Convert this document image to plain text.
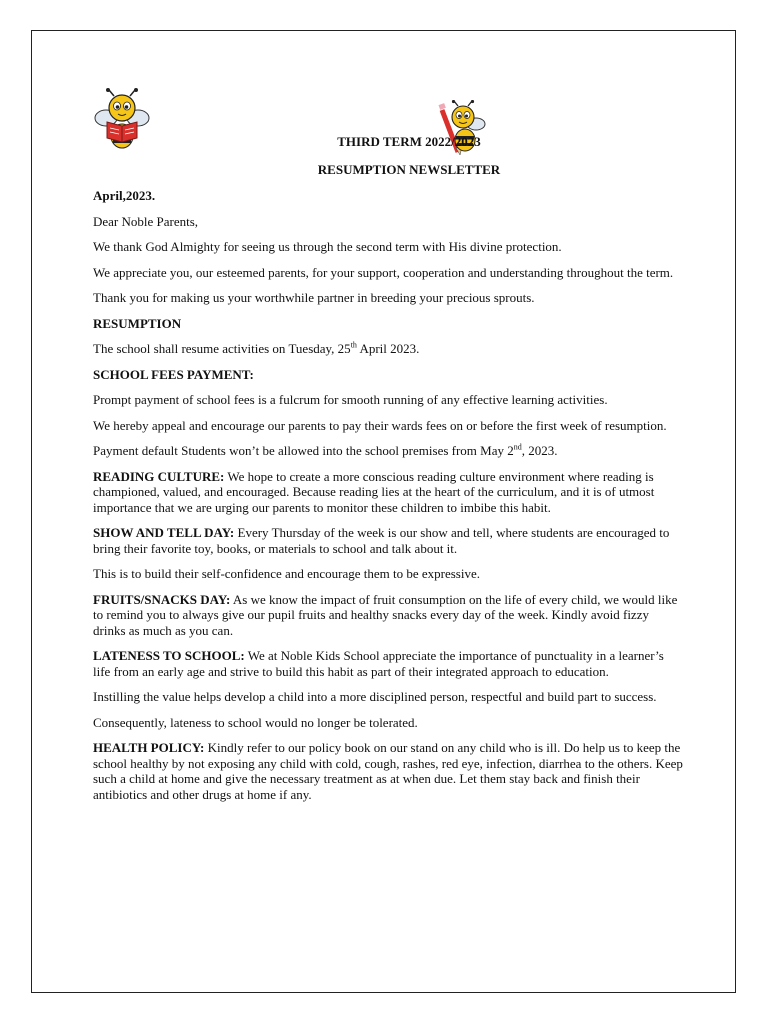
THIRD TERM 2022/2023

RESUMPTION NEWSLETTER

April,2023.

Dear Noble Parents,

We thank God Almighty for seeing us through the second term with His divine protection.

We appreciate you, our esteemed parents, for your support, cooperation and understanding throughout the term.

Thank you for making us your worthwhile partner in breeding your precious sprouts.

RESUMPTION

The school shall resume activities on Tuesday, 25th April 2023.

SCHOOL FEES PAYMENT:

Prompt payment of school fees is a fulcrum for smooth running of any effective learning activities.

We hereby appeal and encourage our parents to pay their wards fees on or before the first week of resumption.

Payment default Students won’t be allowed into the school premises from May 2nd, 2023.

READING CULTURE: We hope to create a more conscious reading culture environment where reading is championed, valued, and encouraged. Because reading lies at the heart of the curriculum, and it is of utmost importance that we are urging our parents to monitor these children to imbibe this habit.

SHOW AND TELL DAY: Every Thursday of the week is our show and tell, where students are encouraged to bring their favorite toy, books, or materials to school and talk about it.

This is to build their self-confidence and encourage them to be expressive.

FRUITS/SNACKS DAY: As we know the impact of fruit consumption on the life of every child, we would like to remind you to always give our pupil fruits and healthy snacks every day of the week. Kindly avoid fizzy drinks as much as you can.

LATENESS TO SCHOOL: We at Noble Kids School appreciate the importance of punctuality in a learner’s life from an early age and strive to build this habit as part of their integrated approach to education.

Instilling the value helps develop a child into a more disciplined person, respectful and build part to success.

Consequently, lateness to school would no longer be tolerated.

HEALTH POLICY: Kindly refer to our policy book on our stand on any child who is ill. Do help us to keep the school healthy by not exposing any child with cold, cough, rashes, red eye, infection, diarrhea to the others. Keep such a child at home and give the necessary treatment as at when due. Let them stay back and finish their antibiotics and other drugs at home if any.
